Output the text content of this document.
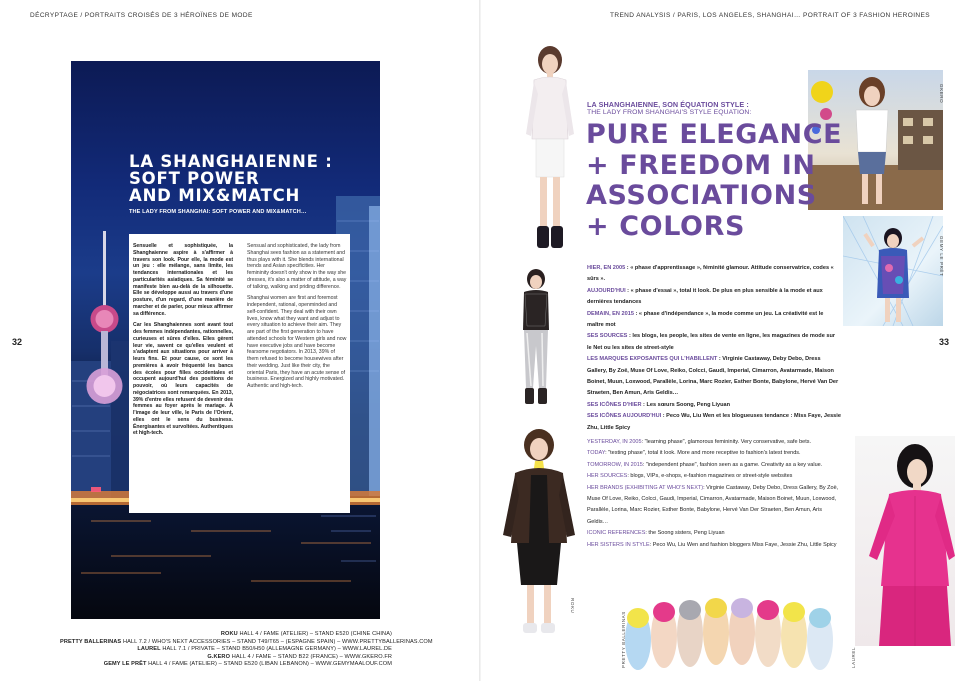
DÉCRYPTAGE / PORTRAITS CROISÉS DE 3 HÉROÏNES DE MODE	TREND ANALYSIS / PARIS, LOS ANGELES, SHANGHAI… PORTRAIT OF 3 FASHION HEROINES
32	33
LA SHANGHAIENNE :
SOFT POWER
AND MIX&MATCH
THE LADY FROM SHANGHAI: SOFT POWER AND MIX&MATCH…

Sensuelle et sophistiquée, la Shanghaienne aspire à s'affirmer à travers son look. Pour elle, la mode est un jeu : elle mélange, sans limite, les tendances internationales et les particularités asiatiques. Sa féminité se manifeste bien au-delà de la silhouette. Elle se développe aussi au travers d'une posture, d'un regard, d'une manière de marcher et de parler, pour mieux affirmer sa différence.

Car les Shanghaiennes sont avant tout des femmes indépendantes, rationnelles, curieuses et sûres d'elles. Elles gèrent leur vie, savent ce qu'elles veulent et s'adaptent aux situations pour arriver à leurs fins. Et pour cause, ce sont les premières à avoir fréquenté les bancs des écoles pour filles occidentales et occupent aujourd'hui des positions de pouvoir, où leurs capacités de négociatrices sont remarquées. En 2013, 39% d'entre elles refusent de devenir des femmes au foyer après le mariage. À l'image de leur ville, le Paris de l'Orient, elles ont le sens du business. Énergisantes et survoltées. Authentiques et high-tech.

Sensual and sophisticated, the lady from Shanghai sees fashion as a statement and thus plays with it. She blends international trends and Asian specificities. Her femininity doesn't only show in the way she dresses, it's also a matter of attitude, a way of talking, walking and priding difference.

Shanghai women are first and foremost independent, rational, openminded and self-confident. They deal with their own lives, know what they want and adjust to every situation to achieve their aim. They are part of the first generation to have attended schools for Western girls and now have executive jobs and have become fearsome negotiators. In 2013, 39% of them refused to become housewives after their wedding. Just like their city, the oriental Paris, they have an acute sense of business. Energized and highly motivated. Authentic and high-tech.

ROKU HALL 4 / FAME (ATELIER) – STAND E520 (CHINE CHINA)
PRETTY BALLERINAS HALL 7.2 / WHO'S NEXT ACCESSORIES – STAND T49/T65 – (ESPAGNE SPAIN) – WWW.PRETTYBALLERINAS.COM
LAUREL HALL 7.1 / PRIVATE – STAND B50/H50 (ALLEMAGNE GERMANY) – WWW.LAUREL.DE
G.KERO HALL 4 / FAME – STAND B22 (FRANCE) – WWW.GKERO.FR
GEMY LE PRÊT HALL 4 / FAME (ATELIER) – STAND E520 (LIBAN LEBANON) – WWW.GEMYMAALOUF.COM
GKERO
GEMY LE PRÊT
ROKU
PRETTY BALLERINAS	LAUREL
LA SHANGHAIENNE, SON ÉQUATION STYLE :
THE LADY FROM SHANGHAI'S STYLE EQUATION:
PURE ELEGANCE
+ FREEDOM IN
ASSOCIATIONS
+ COLORS
HIER, EN 2005 : « phase d'apprentissage », féminité glamour. Attitude conservatrice, codes « sûrs ».
AUJOURD'HUI : « phase d'essai », total it look. De plus en plus sensible à la mode et aux dernières tendances
DEMAIN, EN 2015 : « phase d'indépendance », la mode comme un jeu. La créativité est le maître mot
SES SOURCES : les blogs, les people, les sites de vente en ligne, les magazines de mode sur le Net ou les sites de street-style
LES MARQUES EXPOSANTES QUI L'HABILLENT : Virginie Castaway, Deby Debo, Dress Gallery, By Zoë, Muse Of Love, Reiko, Colcci, Gaudi, Imperial, Cimarron, Avatarmade, Maison Boinet, Muun, Loxwood, Parallèle, Lorina, Marc Rozier, Esther Bonte, Babylone, Hervé Van Der Straeten, Ben Amun, Aris Geldis…
SES ICÔNES D'HIER : Les sœurs Soong, Peng Liyuan
SES ICÔNES AUJOURD'HUI : Peco Wu, Liu Wen et les blogueuses tendance : Miss Faye, Jessie Zhu, Little Spicy
YESTERDAY, IN 2005: "learning phase", glamorous femininity. Very conservative, safe bets.
TODAY: "testing phase", total it look. More and more receptive to fashion's latest trends.
TOMORROW, IN 2015: "independent phase", fashion seen as a game. Creativity as a key value.
HER SOURCES: blogs, VIPs, e-shops, e-fashion magazines or street-style websites
HER BRANDS (EXHIBITING AT WHO'S NEXT): Virginie Castaway, Deby Debo, Dress Gallery, By Zoë, Muse Of Love, Reiko, Colcci, Gaudi, Imperial, Cimarron, Avatarmade, Maison Boinet, Muun, Loxwood, Parallèle, Lorina, Marc Rozier, Esther Bonte, Babylone, Hervé Van Der Straeten, Ben Amun, Aris Geldis…
ICONIC REFERENCES: the Soong sisters, Peng Liyuan
HER SISTERS IN STYLE: Peco Wu, Liu Wen and fashion bloggers Miss Faye, Jessie Zhu, Little Spicy
